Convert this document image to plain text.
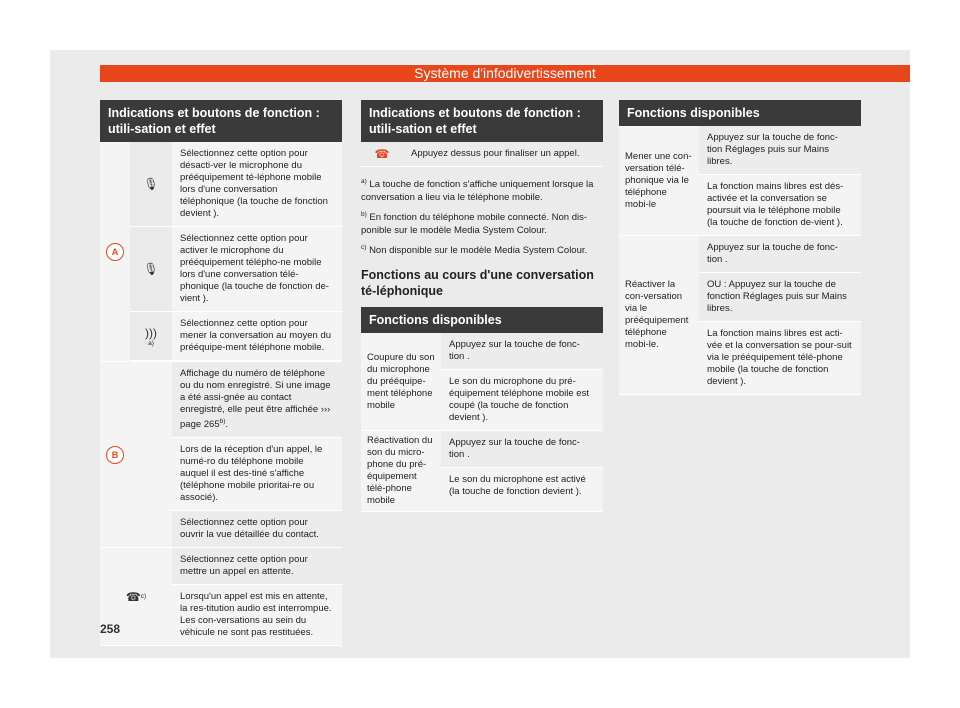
Système d'infodivertissement
Indications et boutons de fonction : utili-sation et effet
A
🎙
Sélectionnez cette option pour désacti-ver le microphone du prééquipement té-léphone mobile lors d'une conversation téléphonique (la touche de fonction devient ).
🎙
Sélectionnez cette option pour activer le microphone du prééquipement télépho-ne mobile lors d'une conversation télé-phonique (la touche de fonction de-vient ).
)))
a)
Sélectionnez cette option pour mener la conversation au moyen du prééquipe-ment téléphone mobile.
B
Affichage du numéro de téléphone ou du nom enregistré. Si une image a été assi-gnée au contact enregistré, elle peut être affichée ››› page 265$^{b)}$.
Lors de la réception d'un appel, le numé-ro du téléphone mobile auquel il est des-tiné s'affiche (téléphone mobile prioritai-re ou associé).
Sélectionnez cette option pour ouvrir la vue détaillée du contact.
☎ c)
Sélectionnez cette option pour mettre un appel en attente.
Lorsqu'un appel est mis en attente, la res-titution audio est interrompue. Les con-versations au sein du véhicule ne sont pas restituées.
Indications et boutons de fonction : utili-sation et effet
☎	Appuyez dessus pour finaliser un appel.
$^{a)}$ La touche de fonction s'affiche uniquement lorsque la conversation a lieu via le téléphone mobile.
$^{b)}$ En fonction du téléphone mobile connecté. Non dis-ponible sur le modèle Media System Colour.
$^{c)}$ Non disponible sur le modèle Media System Colour.
Fonctions au cours d'une conversation té-léphonique
Fonctions disponibles
Coupure du son du microphone du prééquipe-ment téléphone mobile
Appuyez sur la touche de fonc-tion .
Le son du microphone du pré-équipement téléphone mobile est coupé (la touche de fonction devient ).
Réactivation du son du micro-phone du pré-équipement télé-phone mobile
Appuyez sur la touche de fonc-tion .
Le son du microphone est activé (la touche de fonction devient ).
Fonctions disponibles
Mener une con-versation télé-phonique via le téléphone mobi-le
Appuyez sur la touche de fonc-tion Réglages puis sur Mains libres.
La fonction mains libres est dés-activée et la conversation se poursuit via le téléphone mobile (la touche de fonction de-vient ).
Réactiver la con-versation via le prééquipement téléphone mobi-le.
Appuyez sur la touche de fonc-tion .
OU : Appuyez sur la touche de fonction Réglages puis sur Mains libres.
La fonction mains libres est acti-vée et la conversation se pour-suit via le prééquipement télé-phone mobile (la touche de fonction devient ).
258
